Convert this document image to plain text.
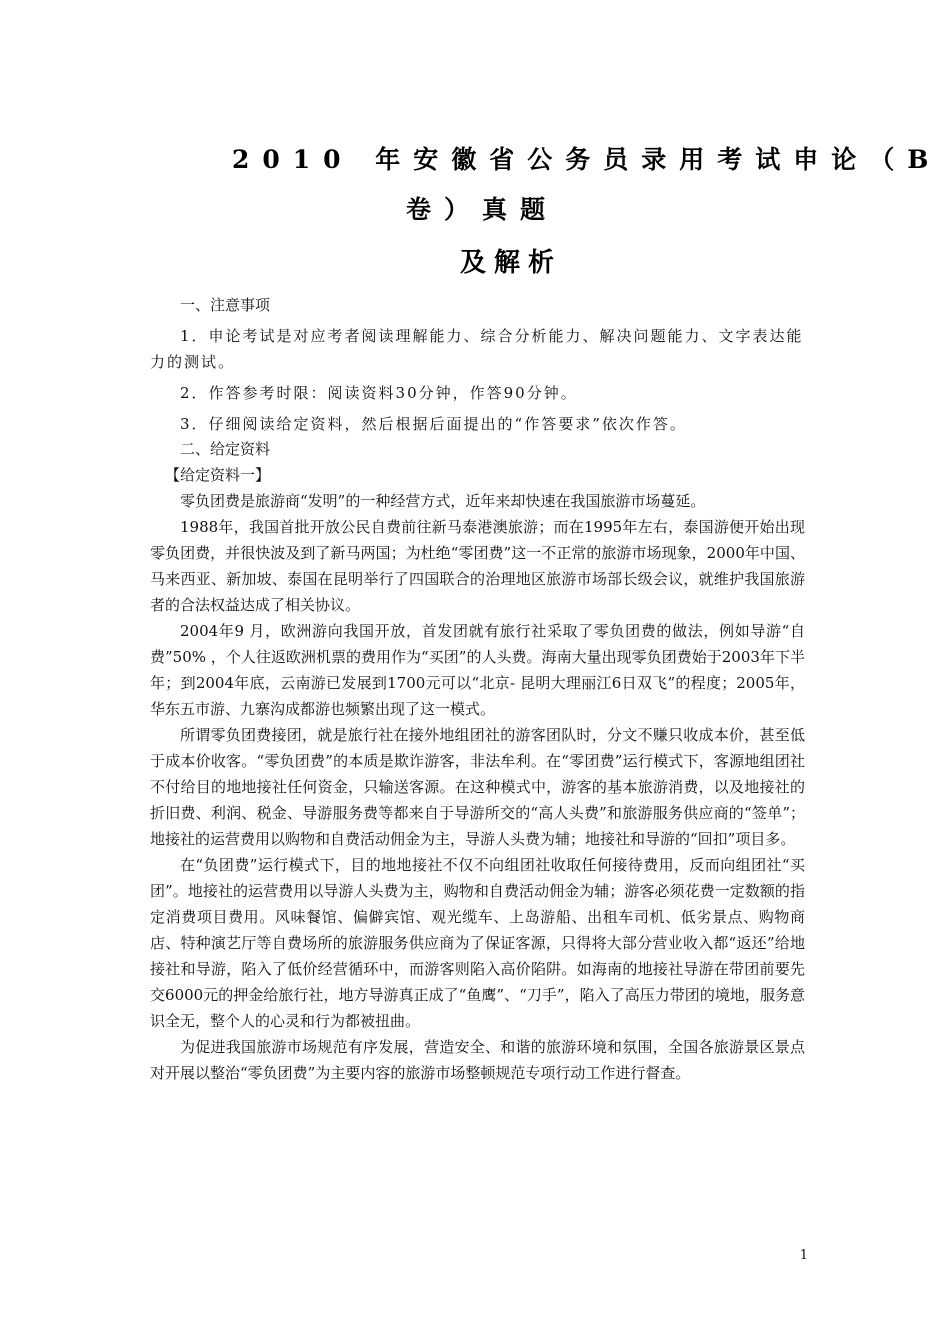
2010 年安徽省公务员录用考试申论（B
卷）真题
及解析

一、注意事项

1．申论考试是对应考者阅读理解能力、综合分析能力、解决问题能力、文字表达能力的测试。

2．作答参考时限：阅读资料30分钟，作答90分钟。

3．仔细阅读给定资料，然后根据后面提出的“作答要求”依次作答。

二、给定资料

【给定资料一】

零负团费是旅游商“发明”的一种经营方式，近年来却快速在我国旅游市场蔓延。

1988年，我国首批开放公民自费前往新马泰港澳旅游；而在1995年左右，泰国游便开始出现零负团费，并很快波及到了新马两国；为杜绝“零团费”这一不正常的旅游市场现象，2000年中国、马来西亚、新加坡、泰国在昆明举行了四国联合的治理地区旅游市场部长级会议，就维护我国旅游者的合法权益达成了相关协议。

2004年9 月，欧洲游向我国开放，首发团就有旅行社采取了零负团费的做法，例如导游“自费”50% ，个人往返欧洲机票的费用作为“买团”的人头费。海南大量出现零负团费始于2003年下半年；到2004年底，云南游已发展到1700元可以“北京- 昆明大理丽江6日双飞”的程度；2005年，华东五市游、九寨沟成都游也频繁出现了这一模式。

所谓零负团费接团，就是旅行社在接外地组团社的游客团队时，分文不赚只收成本价，甚至低于成本价收客。“零负团费”的本质是欺诈游客，非法牟利。在“零团费”运行模式下，客源地组团社不付给目的地地接社任何资金，只输送客源。在这种模式中，游客的基本旅游消费，以及地接社的折旧费、利润、税金、导游服务费等都来自于导游所交的“高人头费”和旅游服务供应商的“签单”；地接社的运营费用以购物和自费活动佣金为主，导游人头费为辅；地接社和导游的“回扣”项目多。

在“负团费”运行模式下，目的地地接社不仅不向组团社收取任何接待费用，反而向组团社“买团”。地接社的运营费用以导游人头费为主，购物和自费活动佣金为辅；游客必须花费一定数额的指定消费项目费用。风味餐馆、偏僻宾馆、观光缆车、上岛游船、出租车司机、低劣景点、购物商店、特种演艺厅等自费场所的旅游服务供应商为了保证客源，只得将大部分营业收入都“返还”给地接社和导游，陷入了低价经营循环中，而游客则陷入高价陷阱。如海南的地接社导游在带团前要先交6000元的押金给旅行社，地方导游真正成了“鱼鹰”、“刀手”，陷入了高压力带团的境地，服务意识全无，整个人的心灵和行为都被扭曲。

为促进我国旅游市场规范有序发展，营造安全、和谐的旅游环境和氛围，全国各旅游景区景点对开展以整治“零负团费”为主要内容的旅游市场整顿规范专项行动工作进行督查。

1
